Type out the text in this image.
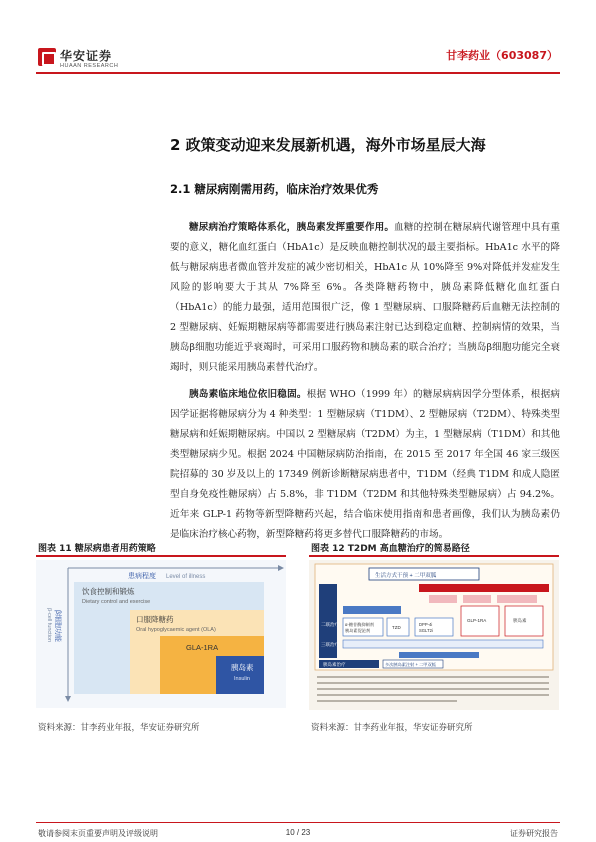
华安证券
HUAAN RESEARCH
甘李药业（603087）
2 政策变动迎来发展新机遇，海外市场星辰大海
2.1 糖尿病刚需用药，临床治疗效果优秀
糖尿病治疗策略体系化，胰岛素发挥重要作用。血糖的控制在糖尿病代谢管理中具有重要的意义，糖化血红蛋白（HbA1c）是反映血糖控制状况的最主要指标。HbA1c 水平的降低与糖尿病患者微血管并发症的减少密切相关，HbA1c 从 10%降至 9%对降低并发症发生风险的影响要大于其从 7%降至 6%。各类降糖药物中，胰岛素降低糖化血红蛋白（HbA1c）的能力最强，适用范围很广泛，像 1 型糖尿病、口服降糖药后血糖无法控制的 2 型糖尿病、妊娠期糖尿病等都需要进行胰岛素注射已达到稳定血糖、控制病情的效果，当胰岛β细胞功能近乎衰竭时，可采用口服药物和胰岛素的联合治疗；当胰岛β细胞功能完全衰竭时，则只能采用胰岛素替代治疗。
胰岛素临床地位依旧稳固。根据 WHO（1999 年）的糖尿病病因学分型体系，根据病因学证据将糖尿病分为 4 种类型：1 型糖尿病（T1DM）、2 型糖尿病（T2DM）、特殊类型糖尿病和妊娠期糖尿病。中国以 2 型糖尿病（T2DM）为主，1 型糖尿病（T1DM）和其他类型糖尿病少见。根据 2024 中国糖尿病防治指南，在 2015 至 2017 年全国 46 家三级医院招募的 30 岁及以上的 17349 例新诊断糖尿病患者中，T1DM（经典 T1DM 和成人隐匿型自身免疫性糖尿病）占 5.8%，非 T1DM（T2DM 和其他特殊类型糖尿病）占 94.2%。近年来 GLP-1 药物等新型降糖药兴起，结合临床使用指南和患者画像，我们认为胰岛素仍是临床治疗核心药物，新型降糖药将更多替代口服降糖药的市场。
图表 11 糖尿病患者用药策略	图表 12 T2DM 高血糖治疗的简易路径
患病程度 Level of illness
β细胞功能
β-cell function
饮食控制和锻炼
Dietary control and exercise
口服降糖药
Oral hypoglycaemic agent (OLA)
GLA-1RA
胰岛素
Insulin
生活方式干预 + 二甲双胍
二联治疗 α-糖苷酶抑制剂
胰岛素促泌剂
TZD
DPP-4i
SGLT2i
GLP-1RA	胰岛素
三联治疗
胰岛素治疗	多次胰岛素注射 + 二甲双胍
资料来源：甘李药业年报，华安证券研究所	资料来源：甘李药业年报，华安证券研究所
敬请参阅末页重要声明及评级说明	10 / 23	证券研究报告
